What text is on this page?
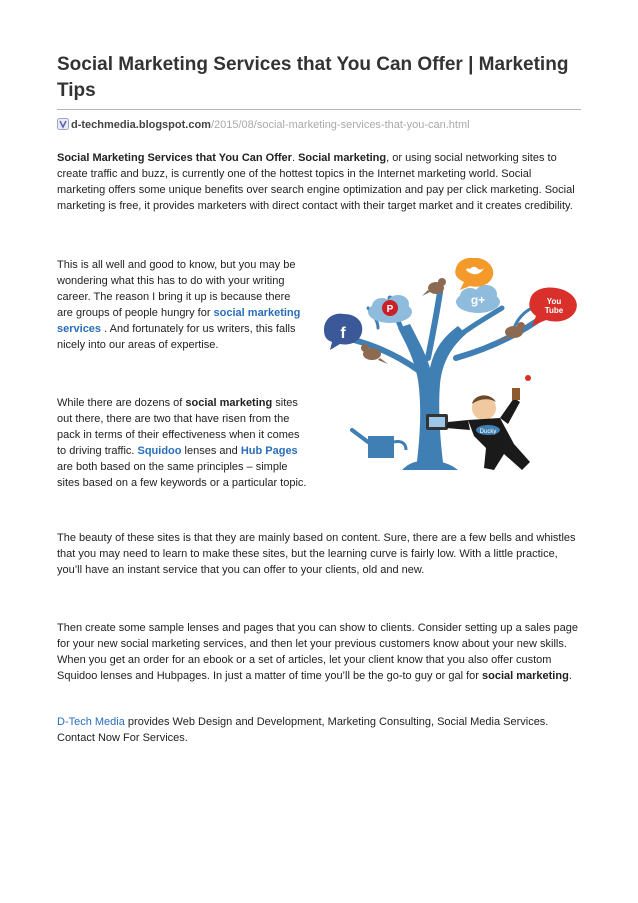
Social Marketing Services that You Can Offer | Marketing Tips
d-techmedia.blogspot.com/2015/08/social-marketing-services-that-you-can.html

Social Marketing Services that You Can Offer. Social marketing, or using social networking sites to create traffic and buzz, is currently one of the hottest topics in the Internet marketing world. Social marketing offers some unique benefits over search engine optimization and pay per click marketing. Social marketing is free, it provides marketers with direct contact with their target market and it creates credibility.

This is all well and good to know, but you may be wondering what this has to do with your writing career. The reason I bring it up is because there are groups of people hungry for social marketing services . And fortunately for us writers, this falls nicely into our areas of expertise.

While there are dozens of social marketing sites out there, there are two that have risen from the pack in terms of their effectiveness when it comes to driving traffic. Squidoo lenses and Hub Pages are both based on the same principles – simple sites based on a few keywords or a particular topic.

The beauty of these sites is that they are mainly based on content. Sure, there are a few bells and whistles that you may need to learn to make these sites, but the learning curve is fairly low. With a little practice, you’ll have an instant service that you can offer to your clients, old and new.

Then create some sample lenses and pages that you can show to clients. Consider setting up a sales page for your new social marketing services, and then let your previous customers know about your new skills. When you get an order for an ebook or a set of articles, let your client know that you also offer custom Squidoo lenses and Hubpages. In just a matter of time you’ll be the go-to guy or gal for social marketing.

D-Tech Media provides Web Design and Development, Marketing Consulting, Social Media Services. Contact Now For Services.

P
g+
f
You
Tube
Ducky
